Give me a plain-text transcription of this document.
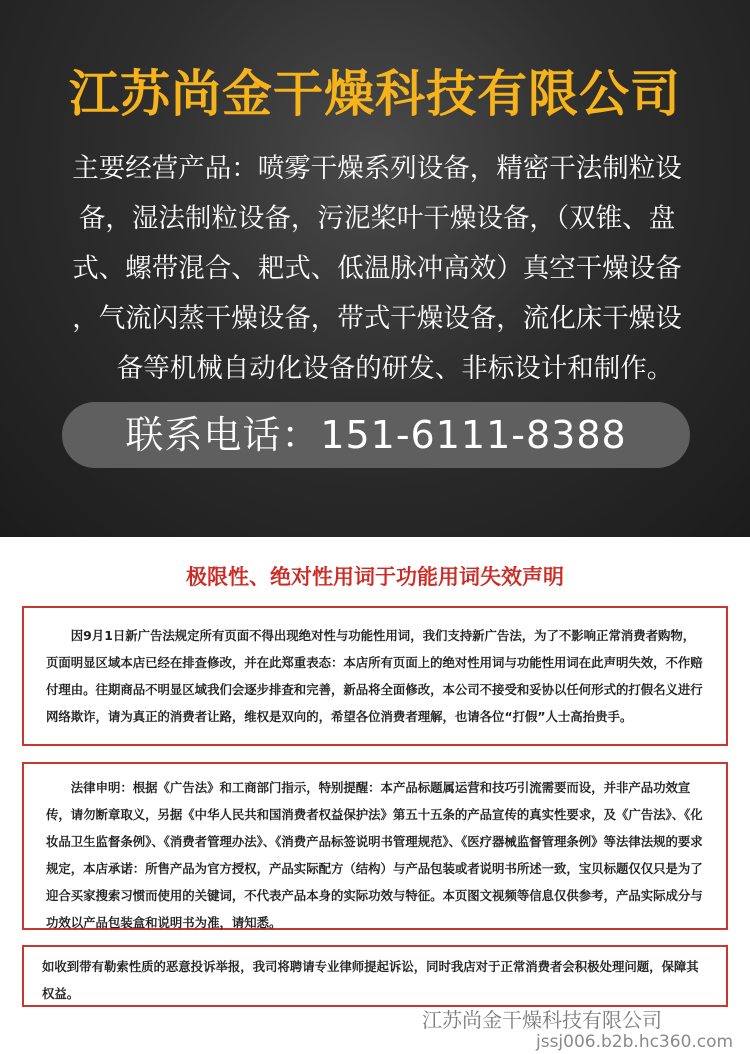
江苏尚金干燥科技有限公司
主要经营产品：喷雾干燥系列设备，精密干法制粒设
备，湿法制粒设备，污泥桨叶干燥设备，（双锥、盘
式、螺带混合、耙式、低温脉冲高效）真空干燥设备
，气流闪蒸干燥设备，带式干燥设备，流化床干燥设
备等机械自动化设备的研发、非标设计和制作。
联系电话：151-6111-8388
极限性、绝对性用词于功能用词失效声明

因9月1日新广告法规定所有页面不得出现绝对性与功能性用词，我们支持新广告法，为了不影响正常消费者购物，页面明显区域本店已经在排查修改，并在此郑重表态：本店所有页面上的绝对性用词与功能性用词在此声明失效，不作赔付理由。往期商品不明显区域我们会逐步排查和完善，新品将全面修改，本公司不接受和妥协以任何形式的打假名义进行网络欺诈，请为真正的消费者让路，维权是双向的，希望各位消费者理解，也请各位“打假”人士高抬贵手。

法律申明：根据《广告法》和工商部门指示，特别提醒：本产品标题属运营和技巧引流需要而设，并非产品功效宣传，请勿断章取义，另据《中华人民共和国消费者权益保护法》第五十五条的产品宣传的真实性要求，及《广告法》、《化妆品卫生监督条例》、《消费者管理办法》、《消费产品标签说明书管理规范》、《医疗器械监督管理条例》等法律法规的要求规定，本店承诺：所售产品为官方授权，产品实际配方（结构）与产品包装或者说明书所述一致，宝贝标题仅仅只是为了迎合买家搜索习惯而使用的关键词，不代表产品本身的实际功效与特征。本页图文视频等信息仅供参考，产品实际成分与功效以产品包装盒和说明书为准，请知悉。

如收到带有勒索性质的恶意投诉举报，我司将聘请专业律师提起诉讼，同时我店对于正常消费者会积极处理问题，保障其权益。

江苏尚金干燥科技有限公司
jssj006.b2b.hc360.com
